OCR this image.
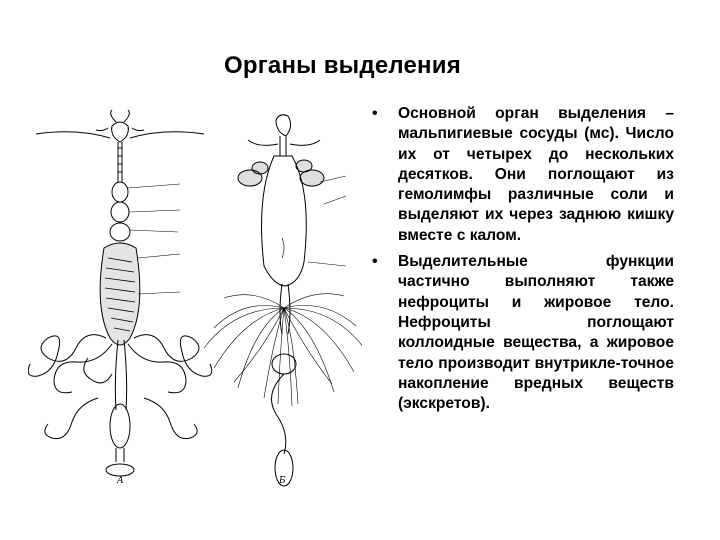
Органы выделения
А	Б
•	Основной орган выделения – мальпигиевые сосуды (мс). Число их от четырех до нескольких десятков. Они поглощают из гемолимфы различные соли и выделяют их через заднюю кишку вместе с калом.
•	Выделительные функции частично выполняют также нефроциты и жировое тело. Нефроциты поглощают коллоидные вещества, а жировое тело производит внутрикле-точное накопление вредных веществ (экскретов).
